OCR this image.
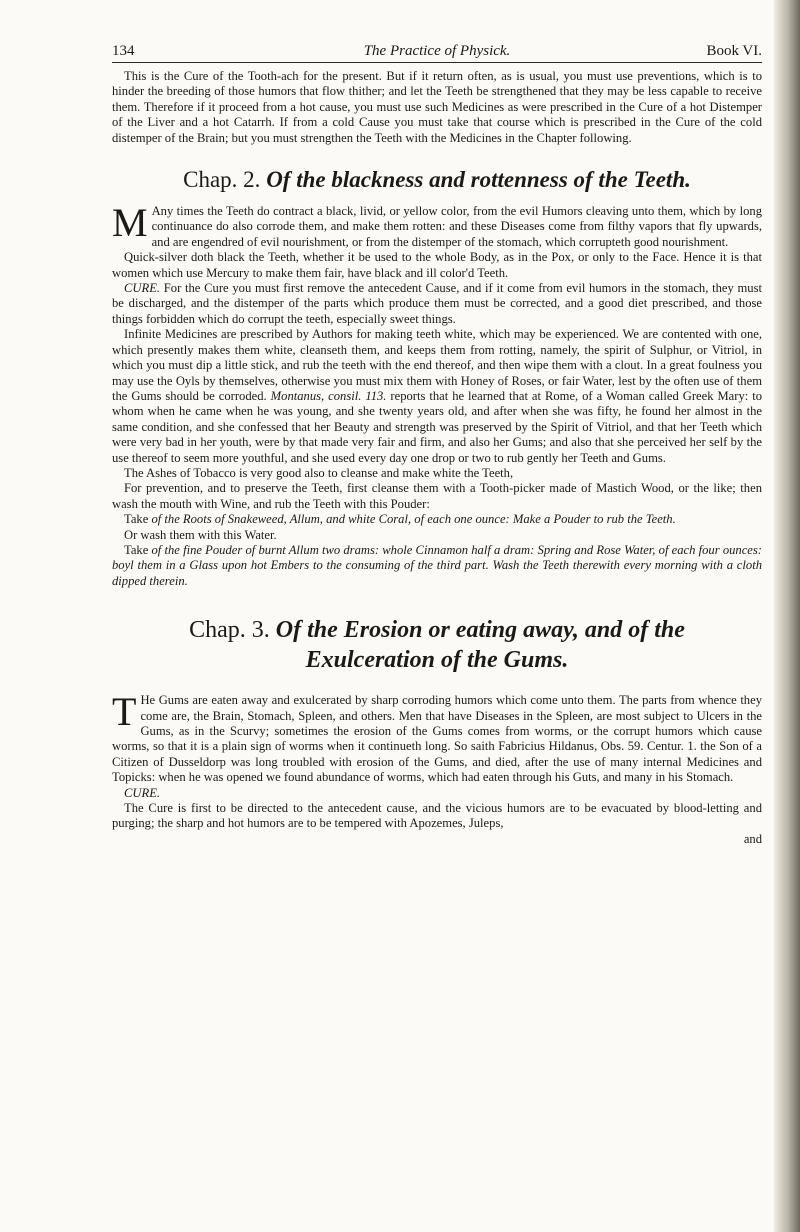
134	The Practice of Physick.	Book VI.

This is the Cure of the Tooth-ach for the present. But if it return often, as is usual, you must use preventions, which is to hinder the breeding of those humors that flow thither; and let the Teeth be strengthened that they may be less capable to receive them. Therefore if it proceed from a hot cause, you must use such Medicines as were prescribed in the Cure of a hot Distemper of the Liver and a hot Catarrh. If from a cold Cause you must take that course which is prescribed in the Cure of the cold distemper of the Brain; but you must strengthen the Teeth with the Medicines in the Chapter following.

Chap. 2. Of the blackness and rottenness of the Teeth.

M Any times the Teeth do contract a black, livid, or yellow color, from the evil Humors cleaving unto them, which by long continuance do also corrode them, and make them rotten: and these Diseases come from filthy vapors that fly upwards, and are engendred of evil nourishment, or from the distemper of the stomach, which corrupteth good nourishment.

Quick-silver doth black the Teeth, whether it be used to the whole Body, as in the Pox, or only to the Face. Hence it is that women which use Mercury to make them fair, have black and ill color'd Teeth.

CURE. For the Cure you must first remove the antecedent Cause, and if it come from evil humors in the stomach, they must be discharged, and the distemper of the parts which produce them must be corrected, and a good diet prescribed, and those things forbidden which do corrupt the teeth, especially sweet things.

Infinite Medicines are prescribed by Authors for making teeth white, which may be experienced. We are contented with one, which presently makes them white, cleanseth them, and keeps them from rotting, namely, the spirit of Sulphur, or Vitriol, in which you must dip a little stick, and rub the teeth with the end thereof, and then wipe them with a clout. In a great foulness you may use the Oyls by themselves, otherwise you must mix them with Honey of Roses, or fair Water, lest by the often use of them the Gums should be corroded. Montanus, consil. 113. reports that he learned that at Rome, of a Woman called Greek Mary: to whom when he came when he was young, and she twenty years old, and after when she was fifty, he found her almost in the same condition, and she confessed that her Beauty and strength was preserved by the Spirit of Vitriol, and that her Teeth which were very bad in her youth, were by that made very fair and firm, and also her Gums; and also that she perceived her self by the use thereof to seem more youthful, and she used every day one drop or two to rub gently her Teeth and Gums.

The Ashes of Tobacco is very good also to cleanse and make white the Teeth,

For prevention, and to preserve the Teeth, first cleanse them with a Tooth-picker made of Mastich Wood, or the like; then wash the mouth with Wine, and rub the Teeth with this Pouder:

Take of the Roots of Snakeweed, Allum, and white Coral, of each one ounce: Make a Pouder to rub the Teeth.

Or wash them with this Water.

Take of the fine Pouder of burnt Allum two drams: whole Cinnamon half a dram: Spring and Rose Water, of each four ounces: boyl them in a Glass upon hot Embers to the consuming of the third part. Wash the Teeth therewith every morning with a cloth dipped therein.

Chap. 3. Of the Erosion or eating away, and of the
Exulceration of the Gums.

T He Gums are eaten away and exulcerated by sharp corroding humors which come unto them. The parts from whence they come are, the Brain, Stomach, Spleen, and others. Men that have Diseases in the Spleen, are most subject to Ulcers in the Gums, as in the Scurvy; sometimes the erosion of the Gums comes from worms, or the corrupt humors which cause worms, so that it is a plain sign of worms when it continueth long. So saith Fabricius Hildanus, Obs. 59. Centur. 1. the Son of a Citizen of Dusseldorp was long troubled with erosion of the Gums, and died, after the use of many internal Medicines and Topicks: when he was opened we found abundance of worms, which had eaten through his Guts, and many in his Stomach.

CURE.

The Cure is first to be directed to the antecedent cause, and the vicious humors are to be evacuated by blood-letting and purging; the sharp and hot humors are to be tempered with Apozemes, Juleps,

and
